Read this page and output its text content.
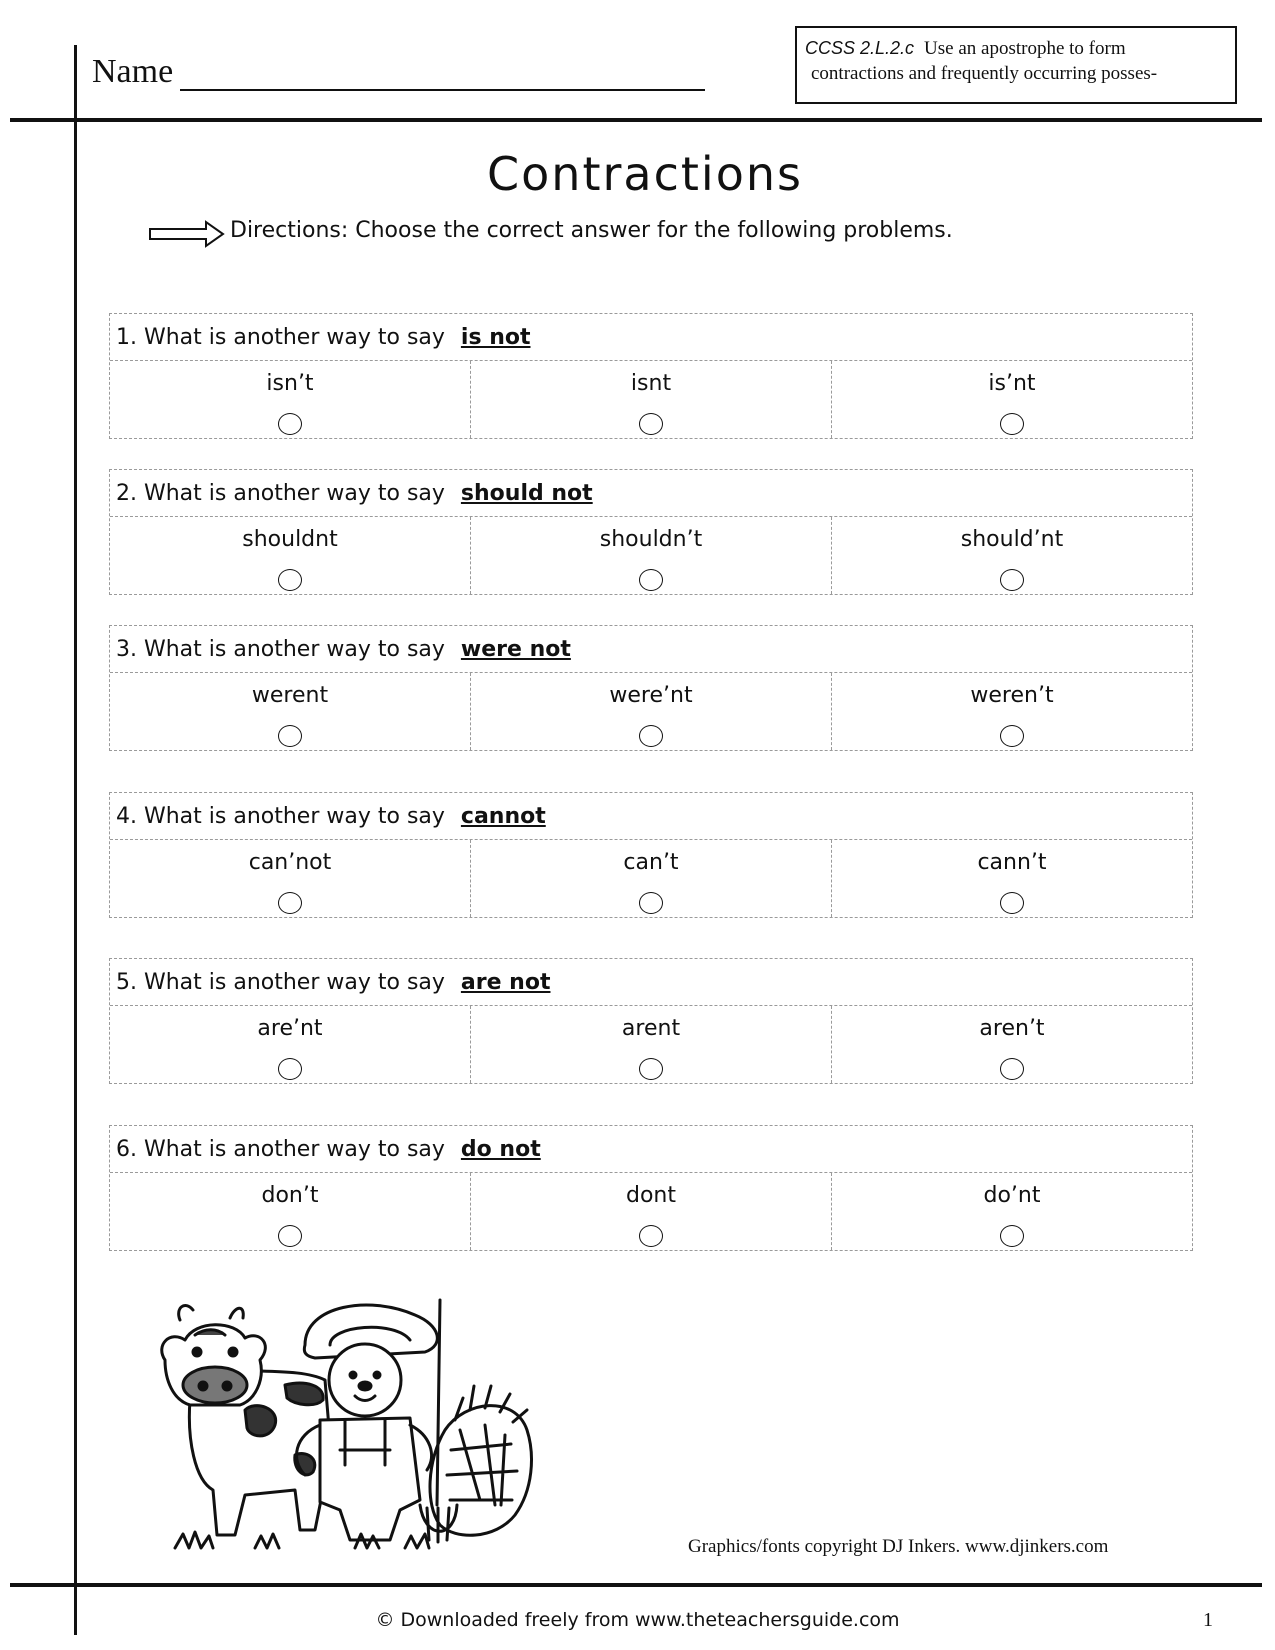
Name
CCSS 2.L.2.c Use an apostrophe to form
contractions and frequently occurring posses-
Contractions
Directions: Choose the correct answer for the following problems.
1. What is another way to say is not
isn’t	isnt	is’nt
2. What is another way to say should not
shouldnt	shouldn’t	should’nt
3. What is another way to say were not
werent	were’nt	weren’t
4. What is another way to say cannot
can’not	can’t	cann’t
5. What is another way to say are not
are’nt	arent	aren’t
6. What is another way to say do not
don’t	dont	do’nt
Graphics/fonts copyright DJ Inkers. www.djinkers.com
© Downloaded freely from www.theteachersguide.com	1
